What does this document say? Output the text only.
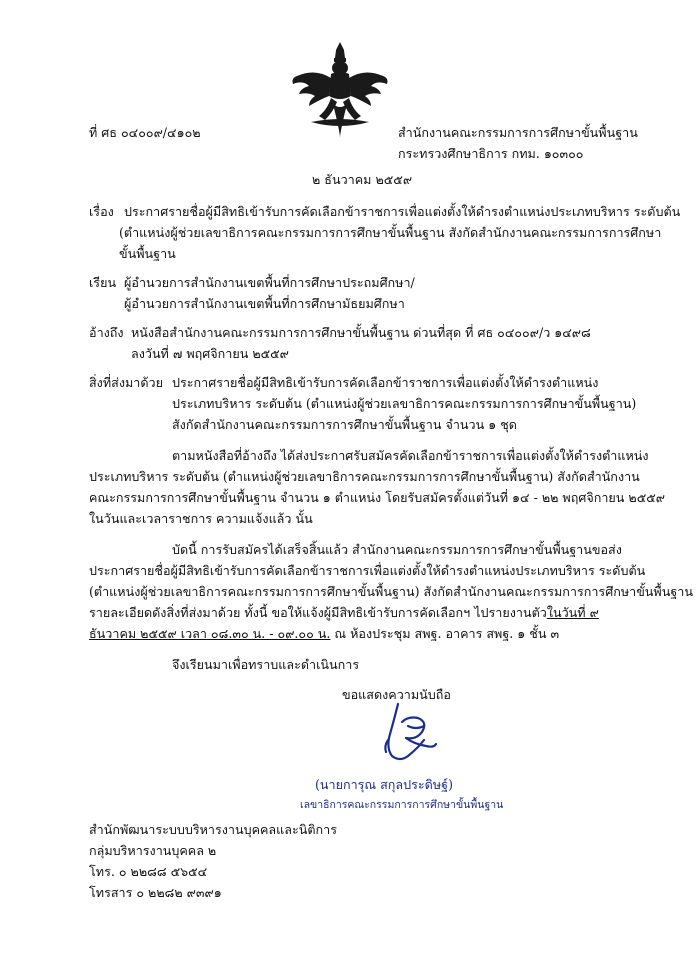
ที่ ศธ ๐๔๐๐๙/๔๑๐๒	สำนักงานคณะกรรมการการศึกษาขั้นพื้นฐาน
กระทรวงศึกษาธิการ กทม. ๑๐๓๐๐
๒ ธันวาคม ๒๕๕๙
เรื่อง ประกาศรายชื่อผู้มีสิทธิเข้ารับการคัดเลือกข้าราชการเพื่อแต่งตั้งให้ดำรงตำแหน่งประเภทบริหาร ระดับต้น
(ตำแหน่งผู้ช่วยเลขาธิการคณะกรรมการการศึกษาขั้นพื้นฐาน สังกัดสำนักงานคณะกรรมการการศึกษา
ขั้นพื้นฐาน
เรียน ผู้อำนวยการสำนักงานเขตพื้นที่การศึกษาประถมศึกษา/
ผู้อำนวยการสำนักงานเขตพื้นที่การศึกษามัธยมศึกษา
อ้างถึง หนังสือสำนักงานคณะกรรมการการศึกษาขั้นพื้นฐาน ด่วนที่สุด ที่ ศธ ๐๔๐๐๙/ว ๑๔๙๘
ลงวันที่ ๗ พฤศจิกายน ๒๕๕๙
สิ่งที่ส่งมาด้วย ประกาศรายชื่อผู้มีสิทธิเข้ารับการคัดเลือกข้าราชการเพื่อแต่งตั้งให้ดำรงตำแหน่ง
ประเภทบริหาร ระดับต้น (ตำแหน่งผู้ช่วยเลขาธิการคณะกรรมการการศึกษาขั้นพื้นฐาน)
สังกัดสำนักงานคณะกรรมการการศึกษาขั้นพื้นฐาน จำนวน ๑ ชุด
ตามหนังสือที่อ้างถึง ได้ส่งประกาศรับสมัครคัดเลือกข้าราชการเพื่อแต่งตั้งให้ดำรงตำแหน่ง
ประเภทบริหาร ระดับต้น (ตำแหน่งผู้ช่วยเลขาธิการคณะกรรมการการศึกษาขั้นพื้นฐาน) สังกัดสำนักงาน
คณะกรรมการการศึกษาขั้นพื้นฐาน จำนวน ๑ ตำแหน่ง โดยรับสมัครตั้งแต่วันที่ ๑๔ - ๒๒ พฤศจิกายน ๒๕๕๙
ในวันและเวลาราชการ ความแจ้งแล้ว นั้น
บัดนี้ การรับสมัครได้เสร็จสิ้นแล้ว สำนักงานคณะกรรมการการศึกษาขั้นพื้นฐานขอส่ง
ประกาศรายชื่อผู้มีสิทธิเข้ารับการคัดเลือกข้าราชการเพื่อแต่งตั้งให้ดำรงตำแหน่งประเภทบริหาร ระดับต้น
(ตำแหน่งผู้ช่วยเลขาธิการคณะกรรมการการศึกษาขั้นพื้นฐาน) สังกัดสำนักงานคณะกรรมการการศึกษาขั้นพื้นฐาน
รายละเอียดดังสิ่งที่ส่งมาด้วย ทั้งนี้ ขอให้แจ้งผู้มีสิทธิเข้ารับการคัดเลือกฯ ไปรายงานตัวในวันที่ ๙
ธันวาคม ๒๕๕๙ เวลา ๐๘.๓๐ น. - ๐๙.๐๐ น. ณ ห้องประชุม สพฐ. อาคาร สพฐ. ๑ ชั้น ๓
จึงเรียนมาเพื่อทราบและดำเนินการ
ขอแสดงความนับถือ
(นายการุณ สกุลประดิษฐ์)
เลขาธิการคณะกรรมการการศึกษาขั้นพื้นฐาน
สำนักพัฒนาระบบบริหารงานบุคคลและนิติการ
กลุ่มบริหารงานบุคคล ๒
โทร. ๐ ๒๒๘๘ ๕๖๕๔
โทรสาร ๐ ๒๒๘๒ ๙๓๙๑
